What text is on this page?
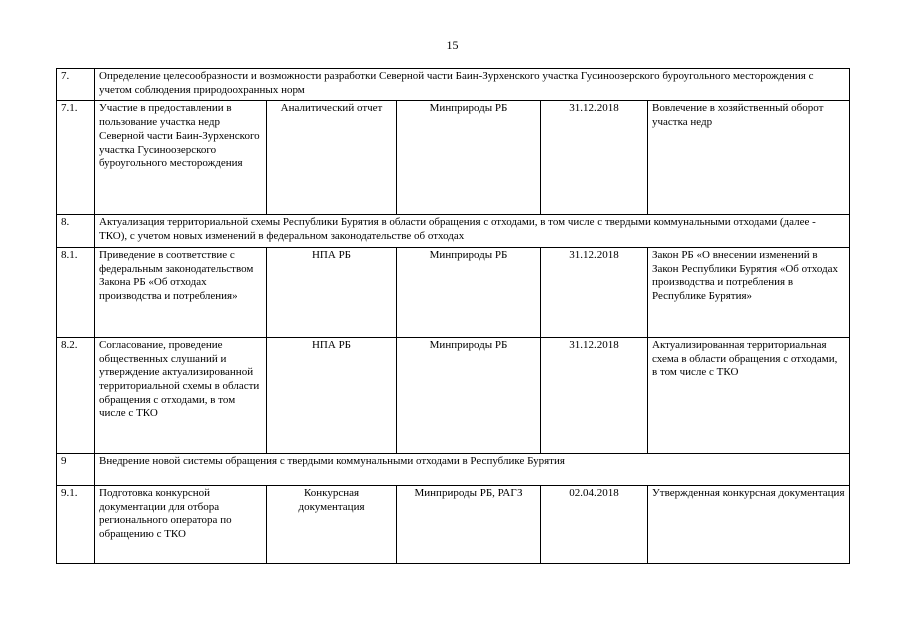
15
7.	Определение целесообразности и возможности разработки Северной части Баин-Зурхенского участка Гусиноозерского буроугольного месторождения с учетом соблюдения природоохранных норм				
7.1.	Участие в предоставлении в пользование участка недр Северной части Баин-Зурхенского участка Гусиноозерского буроугольного месторождения	Аналитический отчет	Минприроды РБ	31.12.2018	Вовлечение в хозяйственный оборот участка недр
8.	Актуализация территориальной схемы Республики Бурятия в области обращения с отходами, в том числе с твердыми коммунальными отходами (далее - ТКО), с учетом новых изменений в федеральном законодательстве об отходах				
8.1.	Приведение в соответствие с федеральным законодательством Закона РБ «Об отходах производства и потребления»	НПА РБ	Минприроды РБ	31.12.2018	Закон РБ «О внесении изменений в Закон Республики Бурятия «Об отходах производства и потребления в Республике Бурятия»
8.2.	Согласование, проведение общественных слушаний и утверждение актуализированной территориальной схемы в области обращения с отходами, в том числе с ТКО	НПА РБ	Минприроды РБ	31.12.2018	Актуализированная территориальная схема в области обращения с отходами, в том числе с ТКО
9	Внедрение новой системы обращения с твердыми коммунальными отходами в Республике Бурятия				
9.1.	Подготовка конкурсной документации для отбора регионального оператора по обращению с ТКО	Конкурсная документация	Минприроды РБ, РАГЗ	02.04.2018	Утвержденная конкурсная документация
